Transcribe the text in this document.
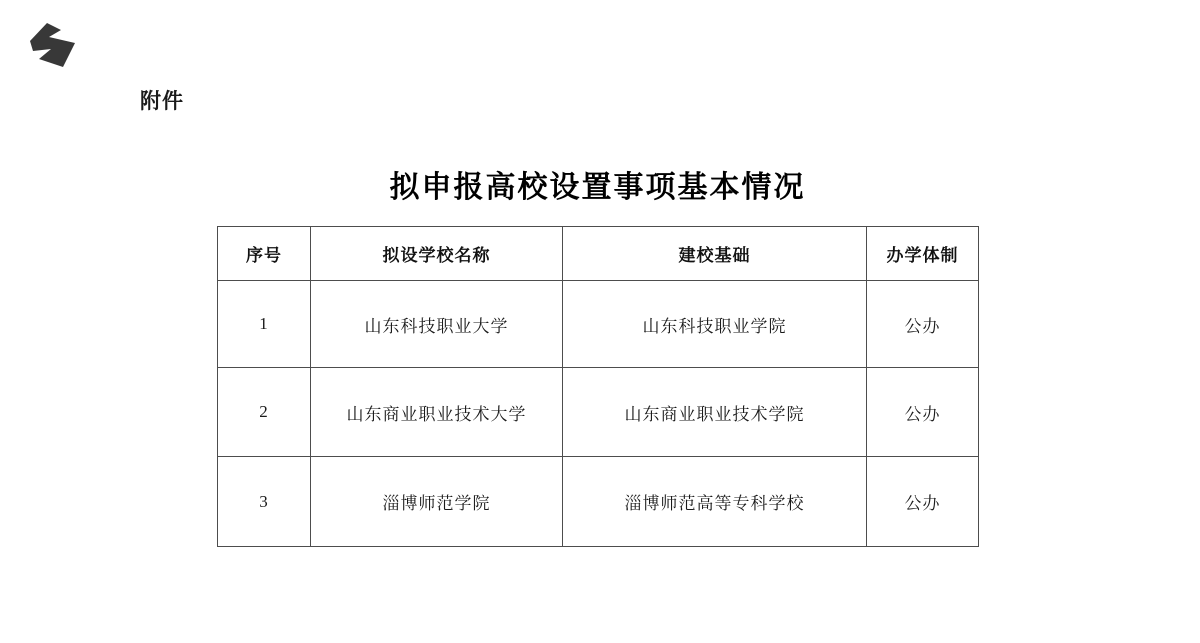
附件
拟申报高校设置事项基本情况
序号	拟设学校名称	建校基础	办学体制
1	山东科技职业大学	山东科技职业学院	公办
2	山东商业职业技术大学	山东商业职业技术学院	公办
3	淄博师范学院	淄博师范高等专科学校	公办
